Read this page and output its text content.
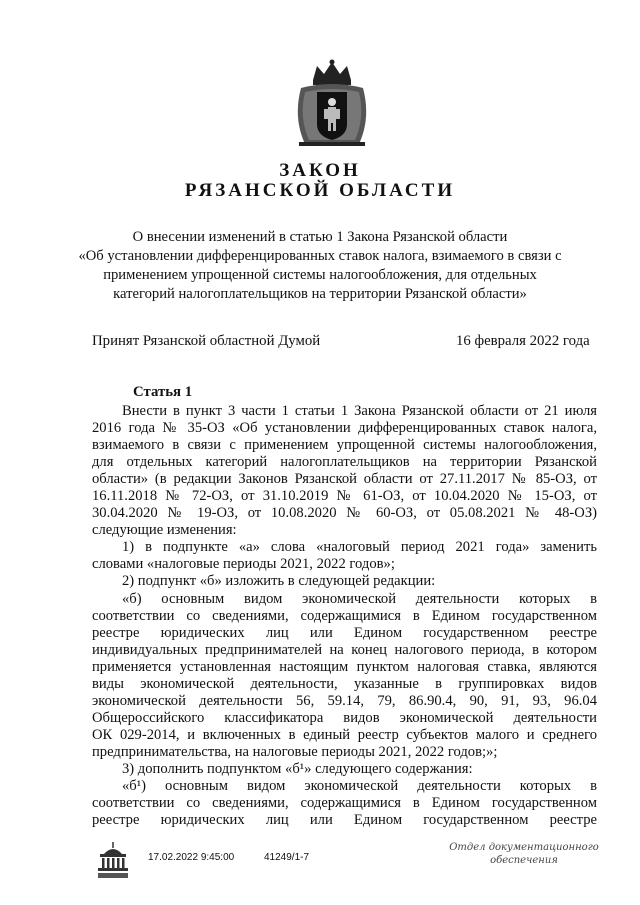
ЗАКОН
РЯЗАНСКОЙ ОБЛАСТИ

О внесении изменений в статью 1 Закона Рязанской области
«Об установлении дифференцированных ставок налога, взимаемого в связи с
применением упрощенной системы налогообложения, для отдельных
категорий налогоплательщиков на территории Рязанской области»

Принят Рязанской областной Думой	16 февраля 2022 года
Статья 1
Внести в пункт 3 части 1 статьи 1 Закона Рязанской области от 21 июля
2016 года № 35-ОЗ «Об установлении дифференцированных ставок налога,
взимаемого в связи с применением упрощенной системы налогообложения,
для отдельных категорий налогоплательщиков на территории Рязанской
области» (в редакции Законов Рязанской области от 27.11.2017 № 85-ОЗ, от
16.11.2018 № 72-ОЗ, от 31.10.2019 № 61-ОЗ, от 10.04.2020 № 15-ОЗ, от
30.04.2020 № 19-ОЗ, от 10.08.2020 № 60-ОЗ, от 05.08.2021 № 48-ОЗ)
следующие изменения:
1) в подпункте «а» слова «налоговый период 2021 года» заменить
словами «налоговые периоды 2021, 2022 годов»;
2) подпункт «б» изложить в следующей редакции:
«б) основным видом экономической деятельности которых в
соответствии со сведениями, содержащимися в Едином государственном
реестре юридических лиц или Едином государственном реестре
индивидуальных предпринимателей на конец налогового периода, в котором
применяется установленная настоящим пунктом налоговая ставка, являются
виды экономической деятельности, указанные в группировках видов
экономической деятельности 56, 59.14, 79, 86.90.4, 90, 91, 93, 96.04
Общероссийского классификатора видов экономической деятельности
ОК 029-2014, и включенных в единый реестр субъектов малого и среднего
предпринимательства, на налоговые периоды 2021, 2022 годов;»;
3) дополнить подпунктом «б¹» следующего содержания:
«б¹) основным видом экономической деятельности которых в
соответствии со сведениями, содержащимися в Едином государственном
реестре юридических лиц или Едином государственном реестре
17.02.2022 9:45:00	41249/1-7
Отдел документационного
обеспечения
